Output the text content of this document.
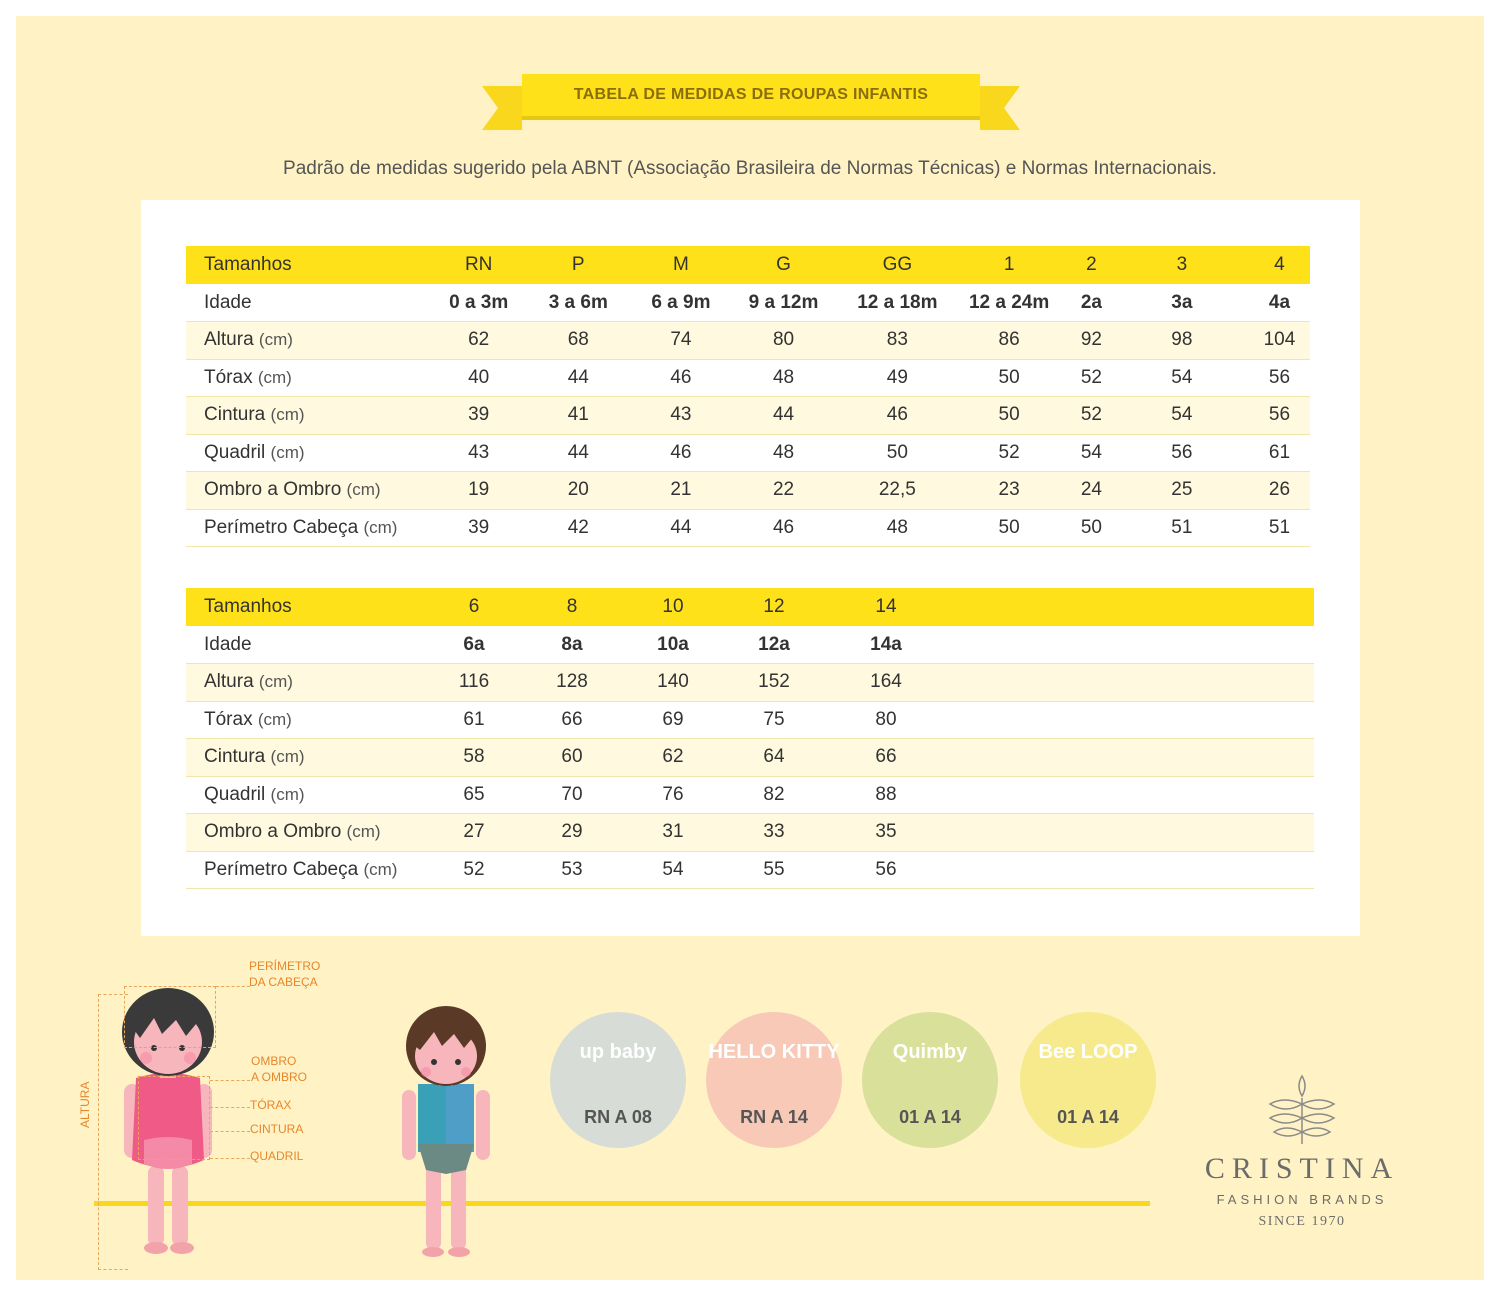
TABELA DE MEDIDAS DE ROUPAS INFANTIS
Padrão de medidas sugerido pela ABNT (Associação Brasileira de Normas Técnicas) e Normas Internacionais.
Tamanhos	RN	P	M	G	GG	1	2	3	4
Idade	0 a 3m	3 a 6m	6 a 9m	9 a 12m	12 a 18m	12 a 24m	2a	3a	4a
Altura (cm)	62	68	74	80	83	86	92	98	104
Tórax (cm)	40	44	46	48	49	50	52	54	56
Cintura (cm)	39	41	43	44	46	50	52	54	56
Quadril (cm)	43	44	46	48	50	52	54	56	61
Ombro a Ombro (cm)	19	20	21	22	22,5	23	24	25	26
Perímetro Cabeça (cm)	39	42	44	46	48	50	50	51	51
Tamanhos	6	8	10	12	14				
Idade	6a	8a	10a	12a	14a				
Altura (cm)	116	128	140	152	164				
Tórax (cm)	61	66	69	75	80				
Cintura (cm)	58	60	62	64	66				
Quadril (cm)	65	70	76	82	88				
Ombro a Ombro (cm)	27	29	31	33	35				
Perímetro Cabeça (cm)	52	53	54	55	56				
PERÍMETRO
DA CABEÇA
OMBRO
A OMBRO
TÓRAX
CINTURA
QUADRIL
ALTURA
up baby
RN A 08
HELLO KITTY
RN A 14
Quimby
01 A 14
Bee LOOP
01 A 14
CRISTINA
FASHION BRANDS
SINCE 1970
